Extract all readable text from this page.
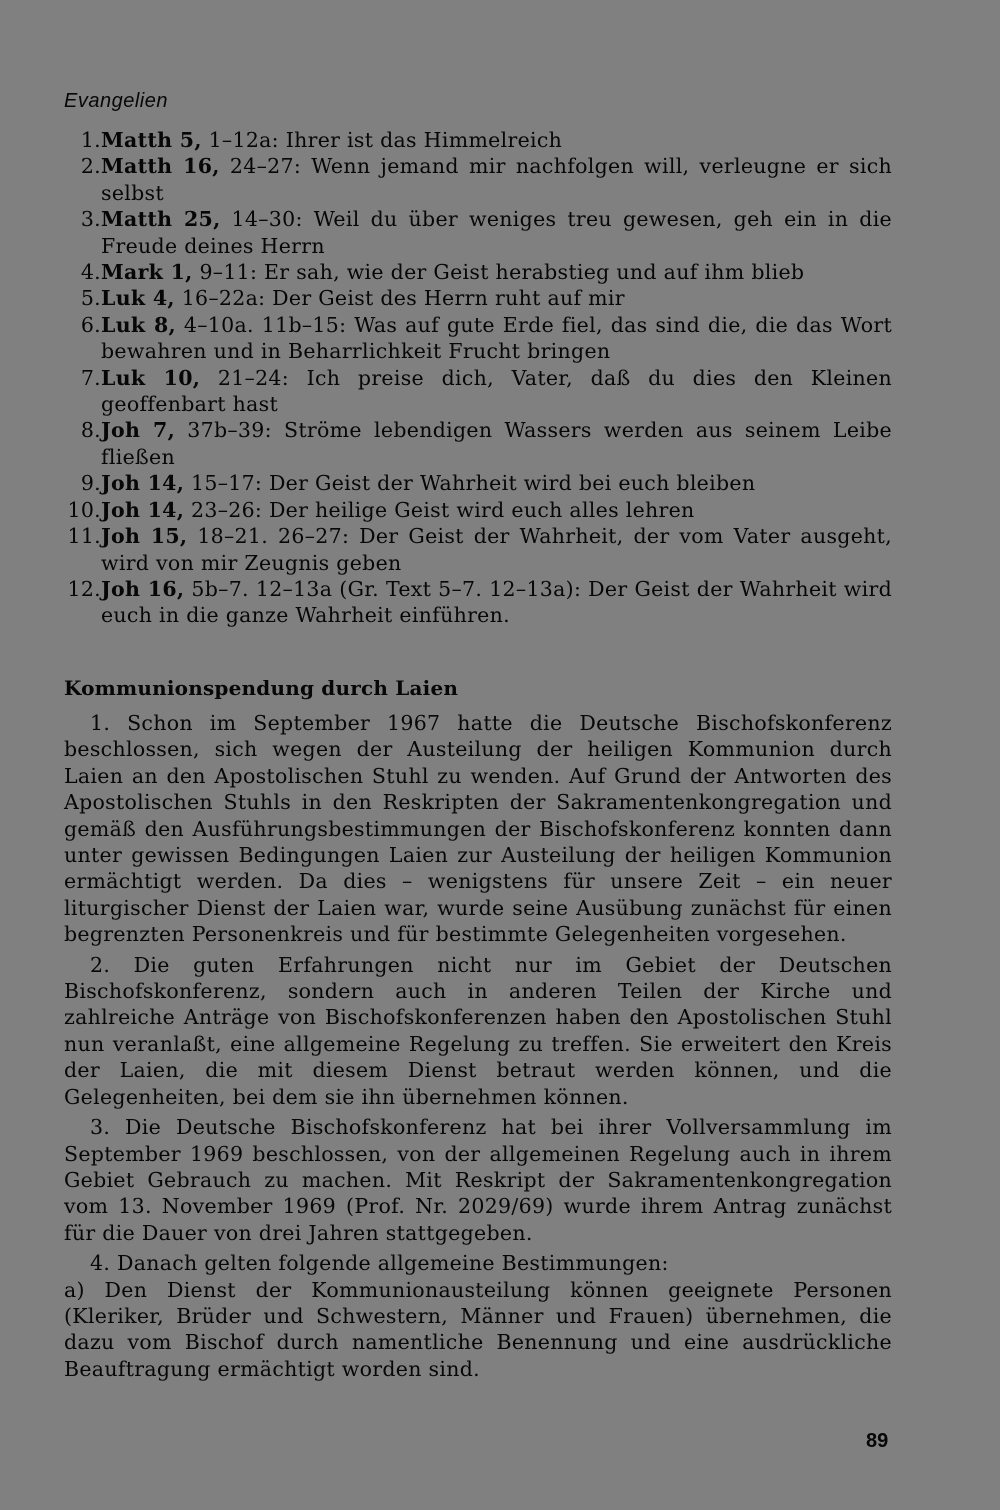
Evangelien
1. Matth 5, 1–12a: Ihrer ist das Himmelreich
2. Matth 16, 24–27: Wenn jemand mir nachfolgen will, verleugne er sich selbst
3. Matth 25, 14–30: Weil du über weniges treu gewesen, geh ein in die Freude deines Herrn
4. Mark 1, 9–11: Er sah, wie der Geist herabstieg und auf ihm blieb
5. Luk 4, 16–22a: Der Geist des Herrn ruht auf mir
6. Luk 8, 4–10a. 11b–15: Was auf gute Erde fiel, das sind die, die das Wort bewahren und in Beharrlichkeit Frucht bringen
7. Luk 10, 21–24: Ich preise dich, Vater, daß du dies den Kleinen geoffenbart hast
8. Joh 7, 37b–39: Ströme lebendigen Wassers werden aus seinem Leibe fließen
9. Joh 14, 15–17: Der Geist der Wahrheit wird bei euch bleiben
10. Joh 14, 23–26: Der heilige Geist wird euch alles lehren
11. Joh 15, 18–21. 26–27: Der Geist der Wahrheit, der vom Vater ausgeht, wird von mir Zeugnis geben
12. Joh 16, 5b–7. 12–13a (Gr. Text 5–7. 12–13a): Der Geist der Wahrheit wird euch in die ganze Wahrheit einführen.
Kommunionspendung durch Laien

1. Schon im September 1967 hatte die Deutsche Bischofskonferenz beschlossen, sich wegen der Austeilung der heiligen Kommunion durch Laien an den Apostolischen Stuhl zu wenden. Auf Grund der Antworten des Apostolischen Stuhls in den Reskripten der Sakramentenkongregation und gemäß den Ausführungsbestimmungen der Bischofskonferenz konnten dann unter gewissen Bedingungen Laien zur Austeilung der heiligen Kommunion ermächtigt werden. Da dies – wenigstens für unsere Zeit – ein neuer liturgischer Dienst der Laien war, wurde seine Ausübung zunächst für einen begrenzten Personenkreis und für bestimmte Gelegenheiten vorgesehen.

2. Die guten Erfahrungen nicht nur im Gebiet der Deutschen Bischofskonferenz, sondern auch in anderen Teilen der Kirche und zahlreiche Anträge von Bischofskonferenzen haben den Apostolischen Stuhl nun veranlaßt, eine allgemeine Regelung zu treffen. Sie erweitert den Kreis der Laien, die mit diesem Dienst betraut werden können, und die Gelegenheiten, bei dem sie ihn übernehmen können.

3. Die Deutsche Bischofskonferenz hat bei ihrer Vollversammlung im September 1969 beschlossen, von der allgemeinen Regelung auch in ihrem Gebiet Gebrauch zu machen. Mit Reskript der Sakramentenkongregation vom 13. November 1969 (Prof. Nr. 2029/69) wurde ihrem Antrag zunächst für die Dauer von drei Jahren stattgegeben.

4. Danach gelten folgende allgemeine Bestimmungen:

a) Den Dienst der Kommunionausteilung können geeignete Personen (Kleriker, Brüder und Schwestern, Männer und Frauen) übernehmen, die dazu vom Bischof durch namentliche Benennung und eine ausdrückliche Beauftragung ermächtigt worden sind.

89
